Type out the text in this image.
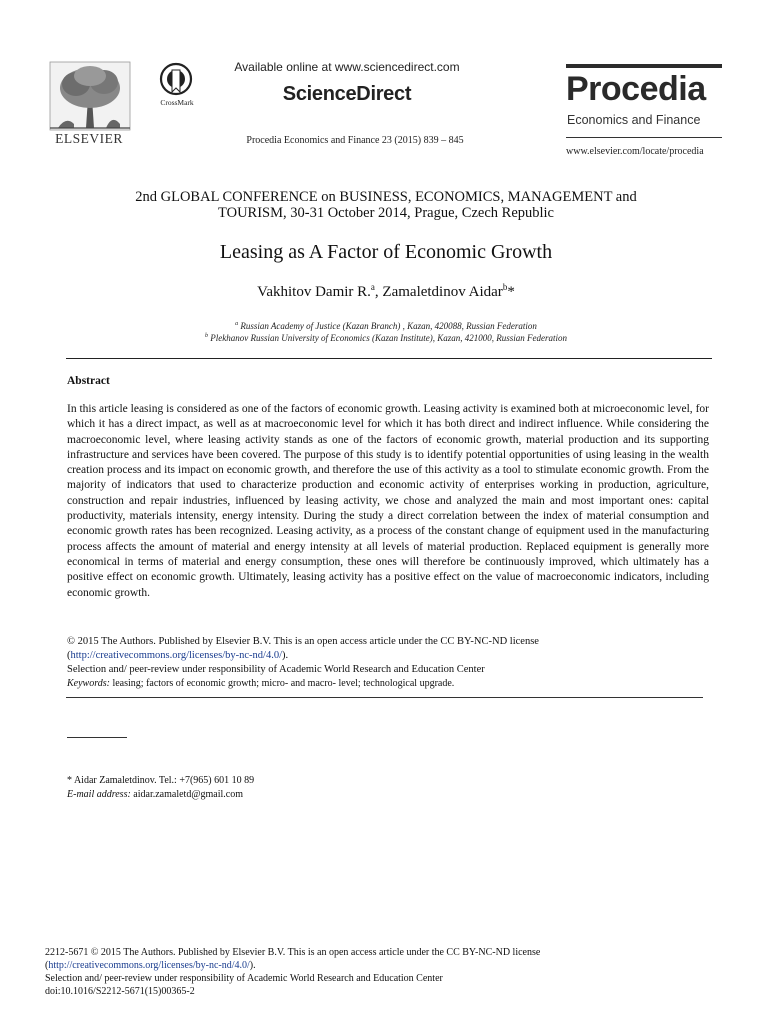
ELSEVIER
CrossMark
Available online at www.sciencedirect.com
ScienceDirect
Procedia Economics and Finance 23 (2015) 839 – 845
Procedia
Economics and Finance
www.elsevier.com/locate/procedia
2nd GLOBAL CONFERENCE on BUSINESS, ECONOMICS, MANAGEMENT and
TOURISM, 30-31 October 2014, Prague, Czech Republic
Leasing as A Factor of Economic Growth
Vakhitov Damir R.$^a$, Zamaletdinov Aidar$^b$*
$^a$ Russian Academy of Justice (Kazan Branch) , Kazan, 420088, Russian Federation
$^b$ Plekhanov Russian University of Economics (Kazan Institute), Kazan, 421000, Russian Federation
Abstract
In this article leasing is considered as one of the factors of economic growth. Leasing activity is examined both at microeconomic level, for which it has a direct impact, as well as at macroeconomic level for which it has both direct and indirect influence. While considering the macroeconomic level, where leasing activity stands as one of the factors of economic growth, material production and its supporting infrastructure and services have been covered. The purpose of this study is to identify potential opportunities of using leasing in the wealth creation process and its impact on economic growth, and therefore the use of this activity as a tool to stimulate economic growth. From the majority of indicators that used to characterize production and economic activity of enterprises working in production, agriculture, construction and repair industries, influenced by leasing activity, we chose and analyzed the main and most important ones: capital productivity, materials intensity, energy intensity. During the study a direct correlation between the index of material consumption and economic growth rates has been recognized. Leasing activity, as a process of the constant change of equipment used in the manufacturing process affects the amount of material and energy intensity at all levels of material production. Replaced equipment is generally more economical in terms of material and energy consumption, these ones will therefore be continuously improved, which ultimately has a positive effect on economic growth. Ultimately, leasing activity has a positive effect on the value of macroeconomic indicators, including economic growth.
© 2015 The Authors. Published by Elsevier B.V. This is an open access article under the CC BY-NC-ND license
(http://creativecommons.org/licenses/by-nc-nd/4.0/).
Selection and/ peer-review under responsibility of Academic World Research and Education Center
Keywords: leasing; factors of economic growth; micro- and macro- level; technological upgrade.
* Aidar Zamaletdinov. Tel.: +7(965) 601 10 89
E-mail address: aidar.zamaletd@gmail.com
2212-5671 © 2015 The Authors. Published by Elsevier B.V. This is an open access article under the CC BY-NC-ND license
(http://creativecommons.org/licenses/by-nc-nd/4.0/).
Selection and/ peer-review under responsibility of Academic World Research and Education Center
doi:10.1016/S2212-5671(15)00365-2
